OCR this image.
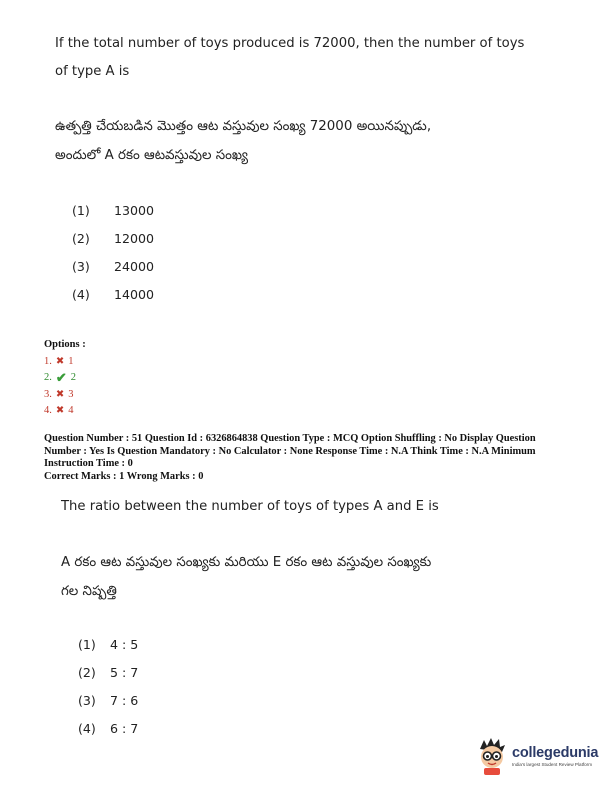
If the total number of toys produced is 72000, then the number of toys
of type A is
ఉత్పత్తి చేయబడిన మొత్తం ఆట వస్తువుల సంఖ్య 72000 అయినప్పుడు,
అందులో A రకం ఆటవస్తువుల సంఖ్య
(1)	13000
(2)	12000
(3)	24000
(4)	14000
Options :
1. ✖ 1
2. ✔ 2
3. ✖ 3
4. ✖ 4

Question Number : 51 Question Id : 6326864838 Question Type : MCQ Option Shuffling : No Display Question

Number : Yes Is Question Mandatory : No Calculator : None Response Time : N.A Think Time : N.A Minimum

Instruction Time : 0

Correct Marks : 1 Wrong Marks : 0

The ratio between the number of toys of types A and E is
A రకం ఆట వస్తువుల సంఖ్యకు మరియు E రకం ఆట వస్తువుల సంఖ్యకు
గల నిష్పత్తి
(1)	4 : 5
(2)	5 : 7
(3)	7 : 6
(4)	6 : 7
collegedunia
India's largest Student Review Platform
